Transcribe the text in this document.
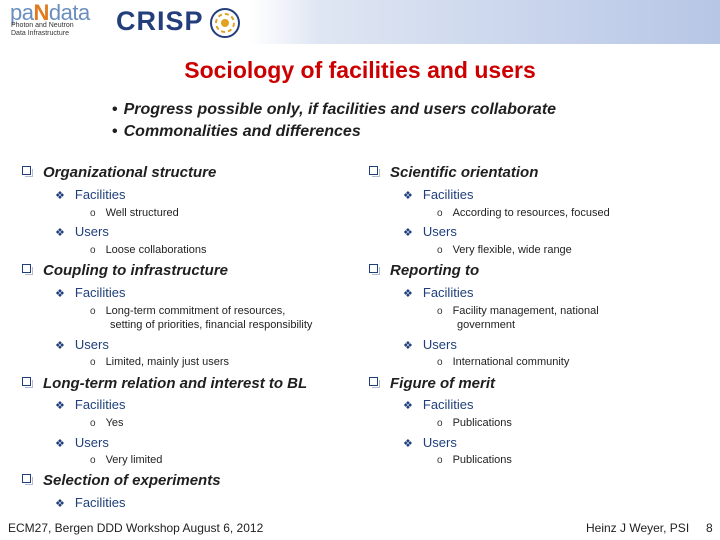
paNdata
Photon and Neutron
Data Infrastructure CRISP
Sociology of facilities and users
• Progress possible only, if facilities and users collaborate
• Commonalities and differences
Organizational structure
❖ Facilities
o Well structured
❖ Users
o Loose collaborations
Coupling to infrastructure
❖ Facilities
o Long-term commitment of resources,
setting of priorities, financial responsibility
❖ Users
o Limited, mainly just users
Long-term relation and interest to BL
❖ Facilities
o Yes
❖ Users
o Very limited
Selection of experiments
❖ Facilities
Scientific orientation
❖ Facilities
o According to resources, focused
❖ Users
o Very flexible, wide range
Reporting to
❖ Facilities
o Facility management, national
government
❖ Users
o International community
Figure of merit
❖ Facilities
o Publications
❖ Users
o Publications
ECM27, Bergen DDD Workshop August 6, 2012	Heinz J Weyer, PSI 8
